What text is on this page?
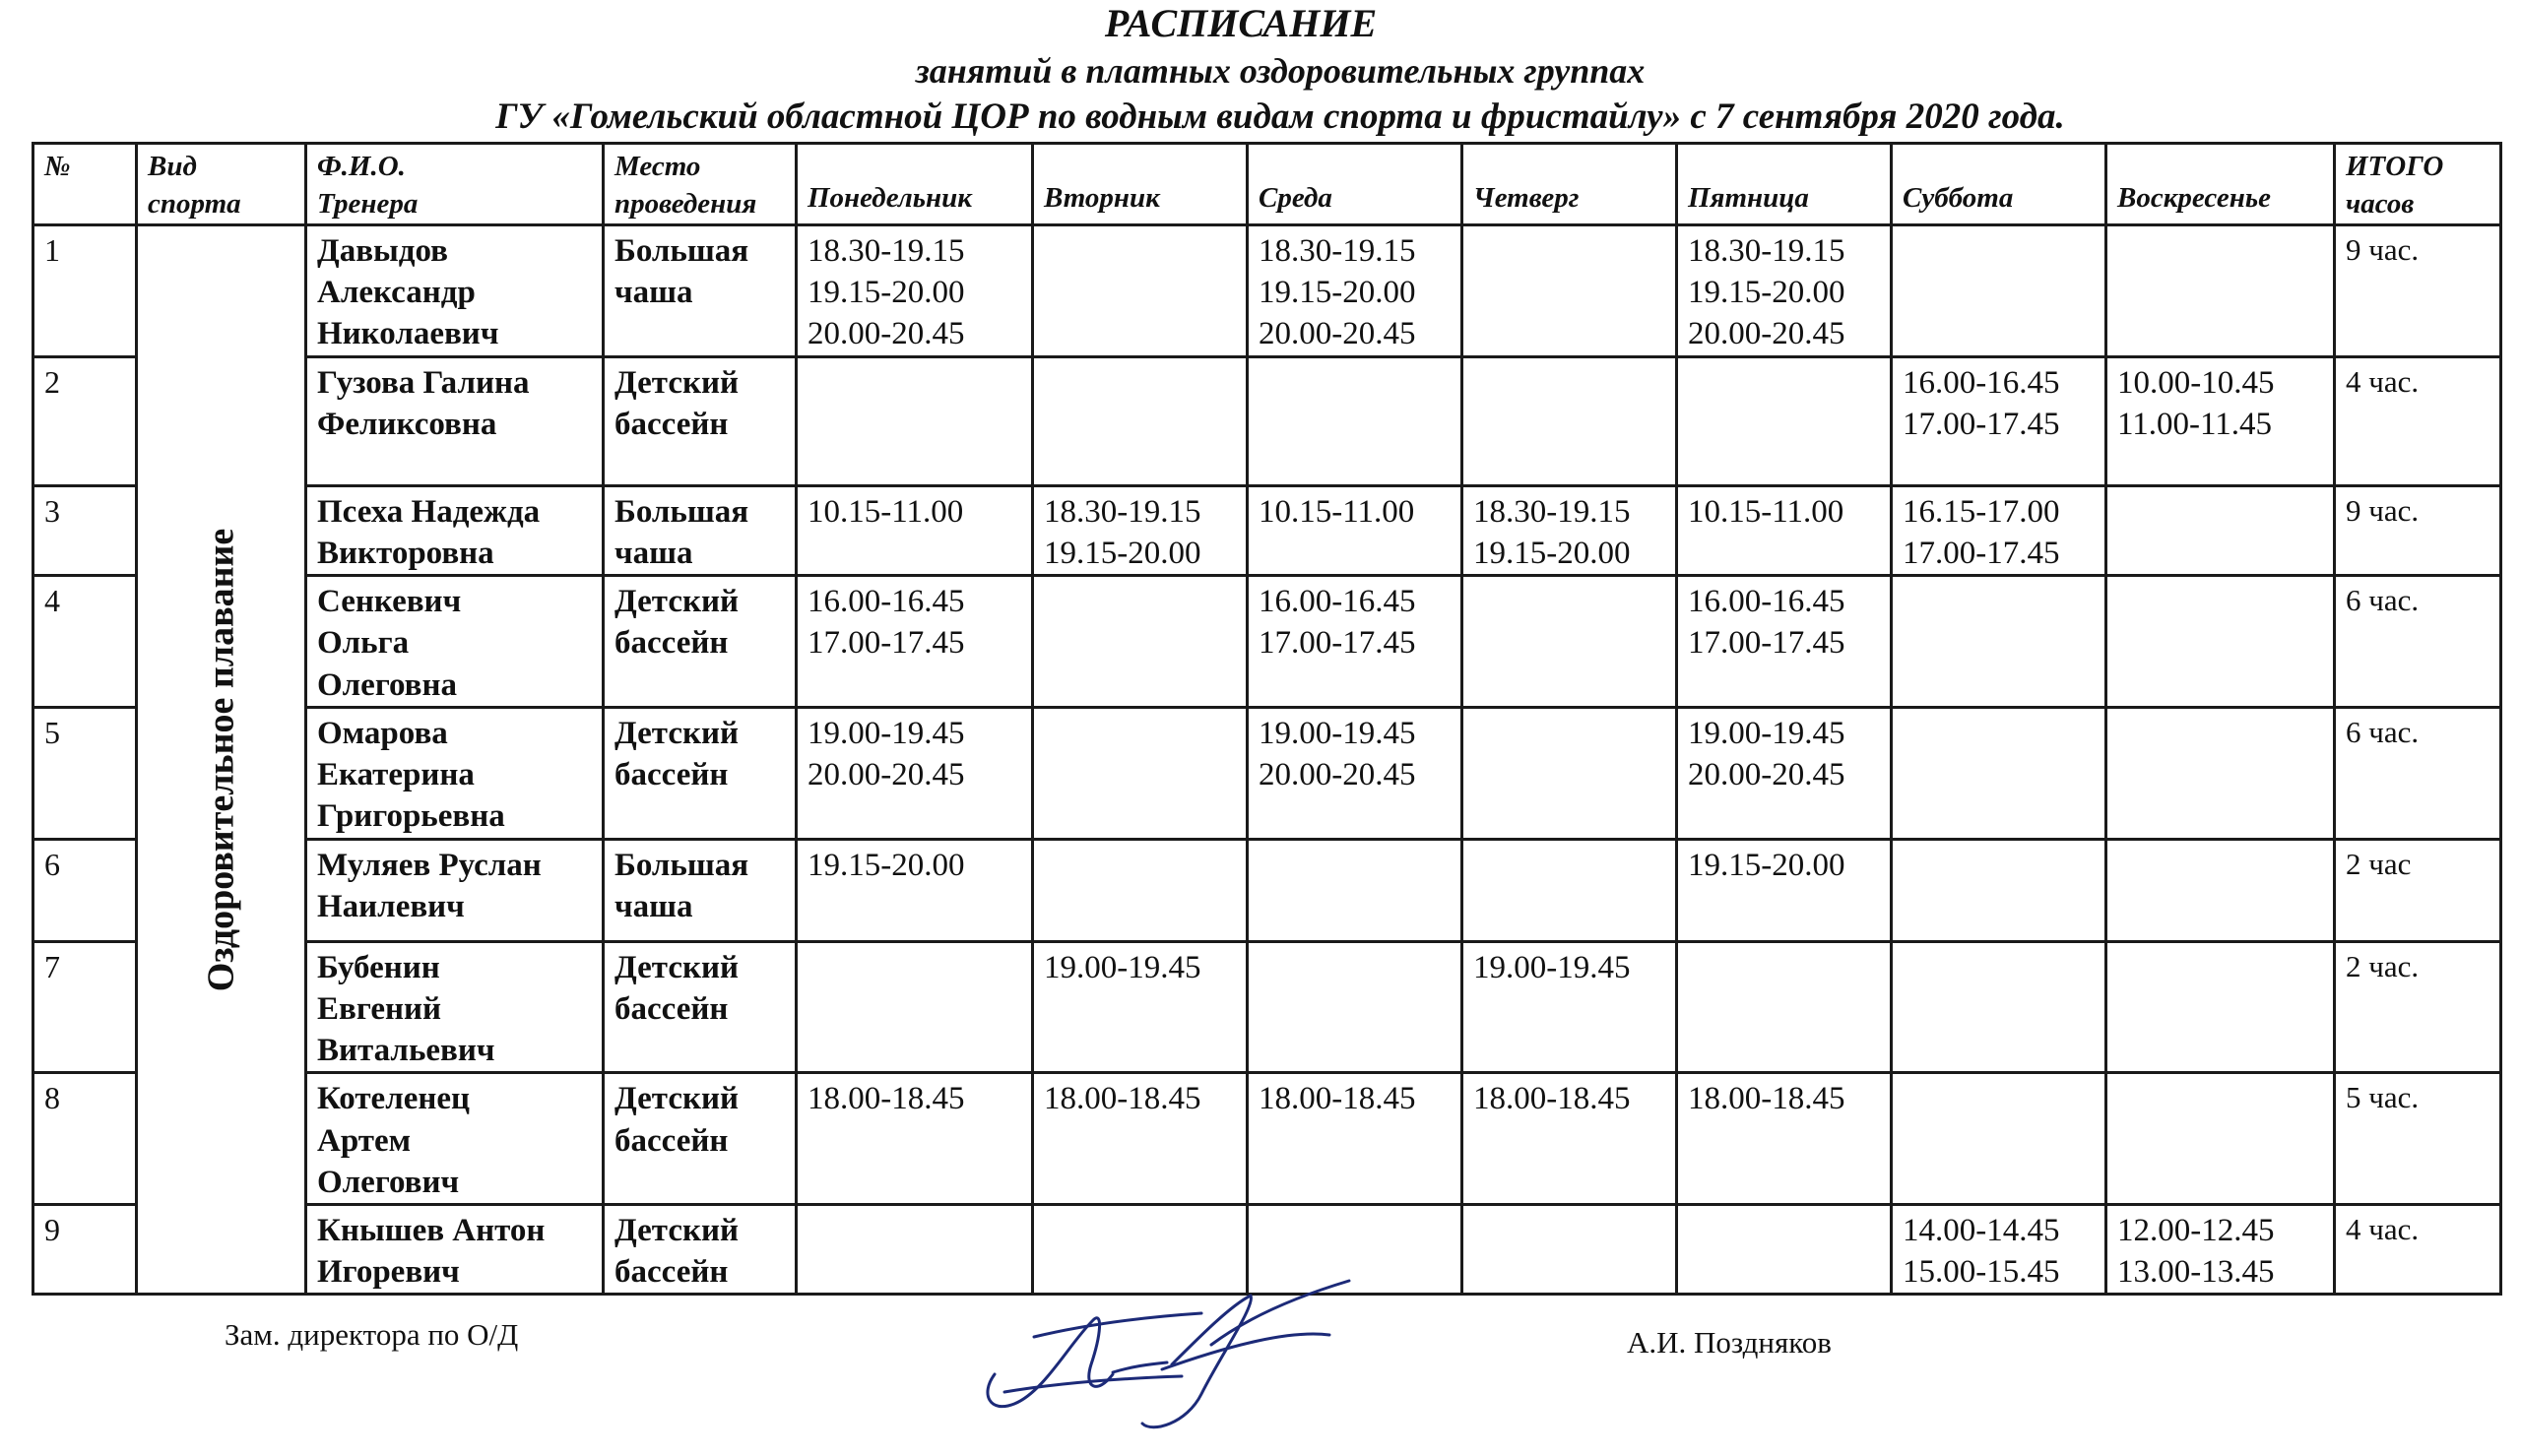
РАСПИСАНИЕ
занятий в платных оздоровительных группах
ГУ «Гомельский областной ЦОР по водным видам спорта и фристайлу» с 7 сентября 2020 года.
№	Вид
спорта	Ф.И.О.
Тренера	Место
проведения	Понедельник	Вторник	Среда	Четверг	Пятница	Суббота	Воскресенье	ИТОГО
часов

1	Оздоровительное плавание	Давыдов
Александр
Николаевич	Большая
чаша	18.30-19.15
19.15-20.00
20.00-20.45		18.30-19.15
19.15-20.00
20.00-20.45		18.30-19.15
19.15-20.00
20.00-20.45			9 час.
2		Гузова Галина
Феликсовна	Детский
бассейн						16.00-16.45
17.00-17.45	10.00-10.45
11.00-11.45	4 час.
3		Псеха Надежда
Викторовна	Большая
чаша	10.15-11.00	18.30-19.15
19.15-20.00	10.15-11.00	18.30-19.15
19.15-20.00	10.15-11.00	16.15-17.00
17.00-17.45		9 час.
4		Сенкевич
Ольга
Олеговна	Детский
бассейн	16.00-16.45
17.00-17.45		16.00-16.45
17.00-17.45		16.00-16.45
17.00-17.45			6 час.
5		Омарова
Екатерина
Григорьевна	Детский
бассейн	19.00-19.45
20.00-20.45		19.00-19.45
20.00-20.45		19.00-19.45
20.00-20.45			6 час.
6		Муляев Руслан
Наилевич	Большая
чаша	19.15-20.00				19.15-20.00			2 час
7		Бубенин
Евгений
Витальевич	Детский
бассейн		19.00-19.45		19.00-19.45				2 час.
8		Котеленец
Артем
Олегович	Детский
бассейн	18.00-18.45	18.00-18.45	18.00-18.45	18.00-18.45	18.00-18.45			5 час.
9		Кнышев Антон
Игоревич	Детский
бассейн						14.00-14.45
15.00-15.45	12.00-12.45
13.00-13.45	4 час.
Зам. директора по О/Д	А.И. Поздняков
